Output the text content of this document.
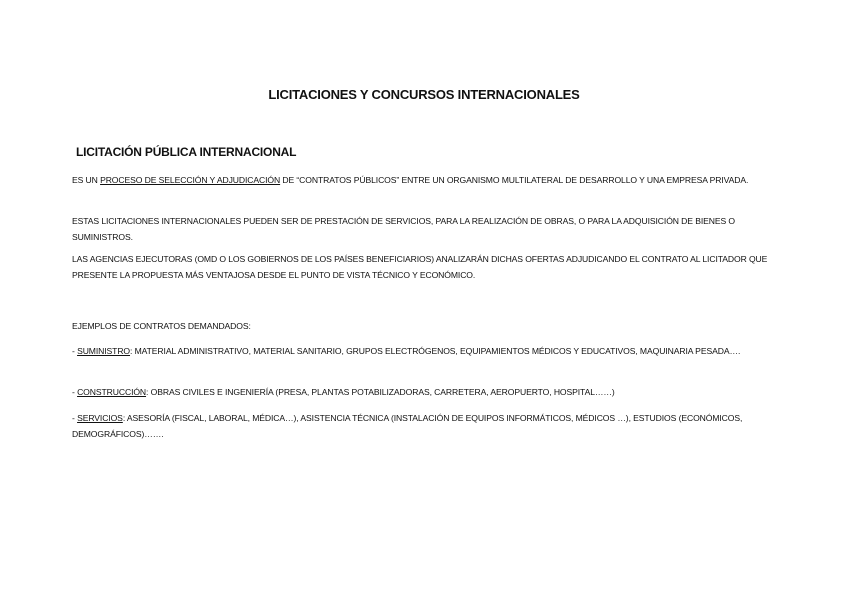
LICITACIONES Y CONCURSOS INTERNACIONALES
LICITACIÓN PÚBLICA INTERNACIONAL
ES UN PROCESO DE SELECCIÓN Y ADJUDICACIÓN DE “CONTRATOS PÚBLICOS” ENTRE UN ORGANISMO MULTILATERAL DE DESARROLLO Y UNA EMPRESA PRIVADA.
ESTAS LICITACIONES INTERNACIONALES PUEDEN SER DE PRESTACIÓN DE SERVICIOS, PARA LA REALIZACIÓN DE OBRAS, O PARA LA ADQUISICIÓN DE BIENES O SUMINISTROS.
LAS AGENCIAS EJECUTORAS (OMD O LOS GOBIERNOS DE LOS PAÍSES BENEFICIARIOS) ANALIZARÁN DICHAS OFERTAS ADJUDICANDO EL CONTRATO AL LICITADOR QUE PRESENTE LA PROPUESTA MÁS VENTAJOSA DESDE EL PUNTO DE VISTA TÉCNICO Y ECONÓMICO.
EJEMPLOS DE CONTRATOS DEMANDADOS:
- SUMINISTRO: MATERIAL ADMINISTRATIVO, MATERIAL SANITARIO, GRUPOS ELECTRÓGENOS, EQUIPAMIENTOS MÉDICOS Y EDUCATIVOS, MAQUINARIA PESADA….
- CONSTRUCCIÓN: OBRAS CIVILES E INGENIERÍA (PRESA, PLANTAS POTABILIZADORAS, CARRETERA, AEROPUERTO, HOSPITAL……)
- SERVICIOS: ASESORÍA (FISCAL, LABORAL, MÉDICA…), ASISTENCIA TÉCNICA (INSTALACIÓN DE EQUIPOS INFORMÁTICOS, MÉDICOS …), ESTUDIOS (ECONÓMICOS, DEMOGRÁFICOS)…….
